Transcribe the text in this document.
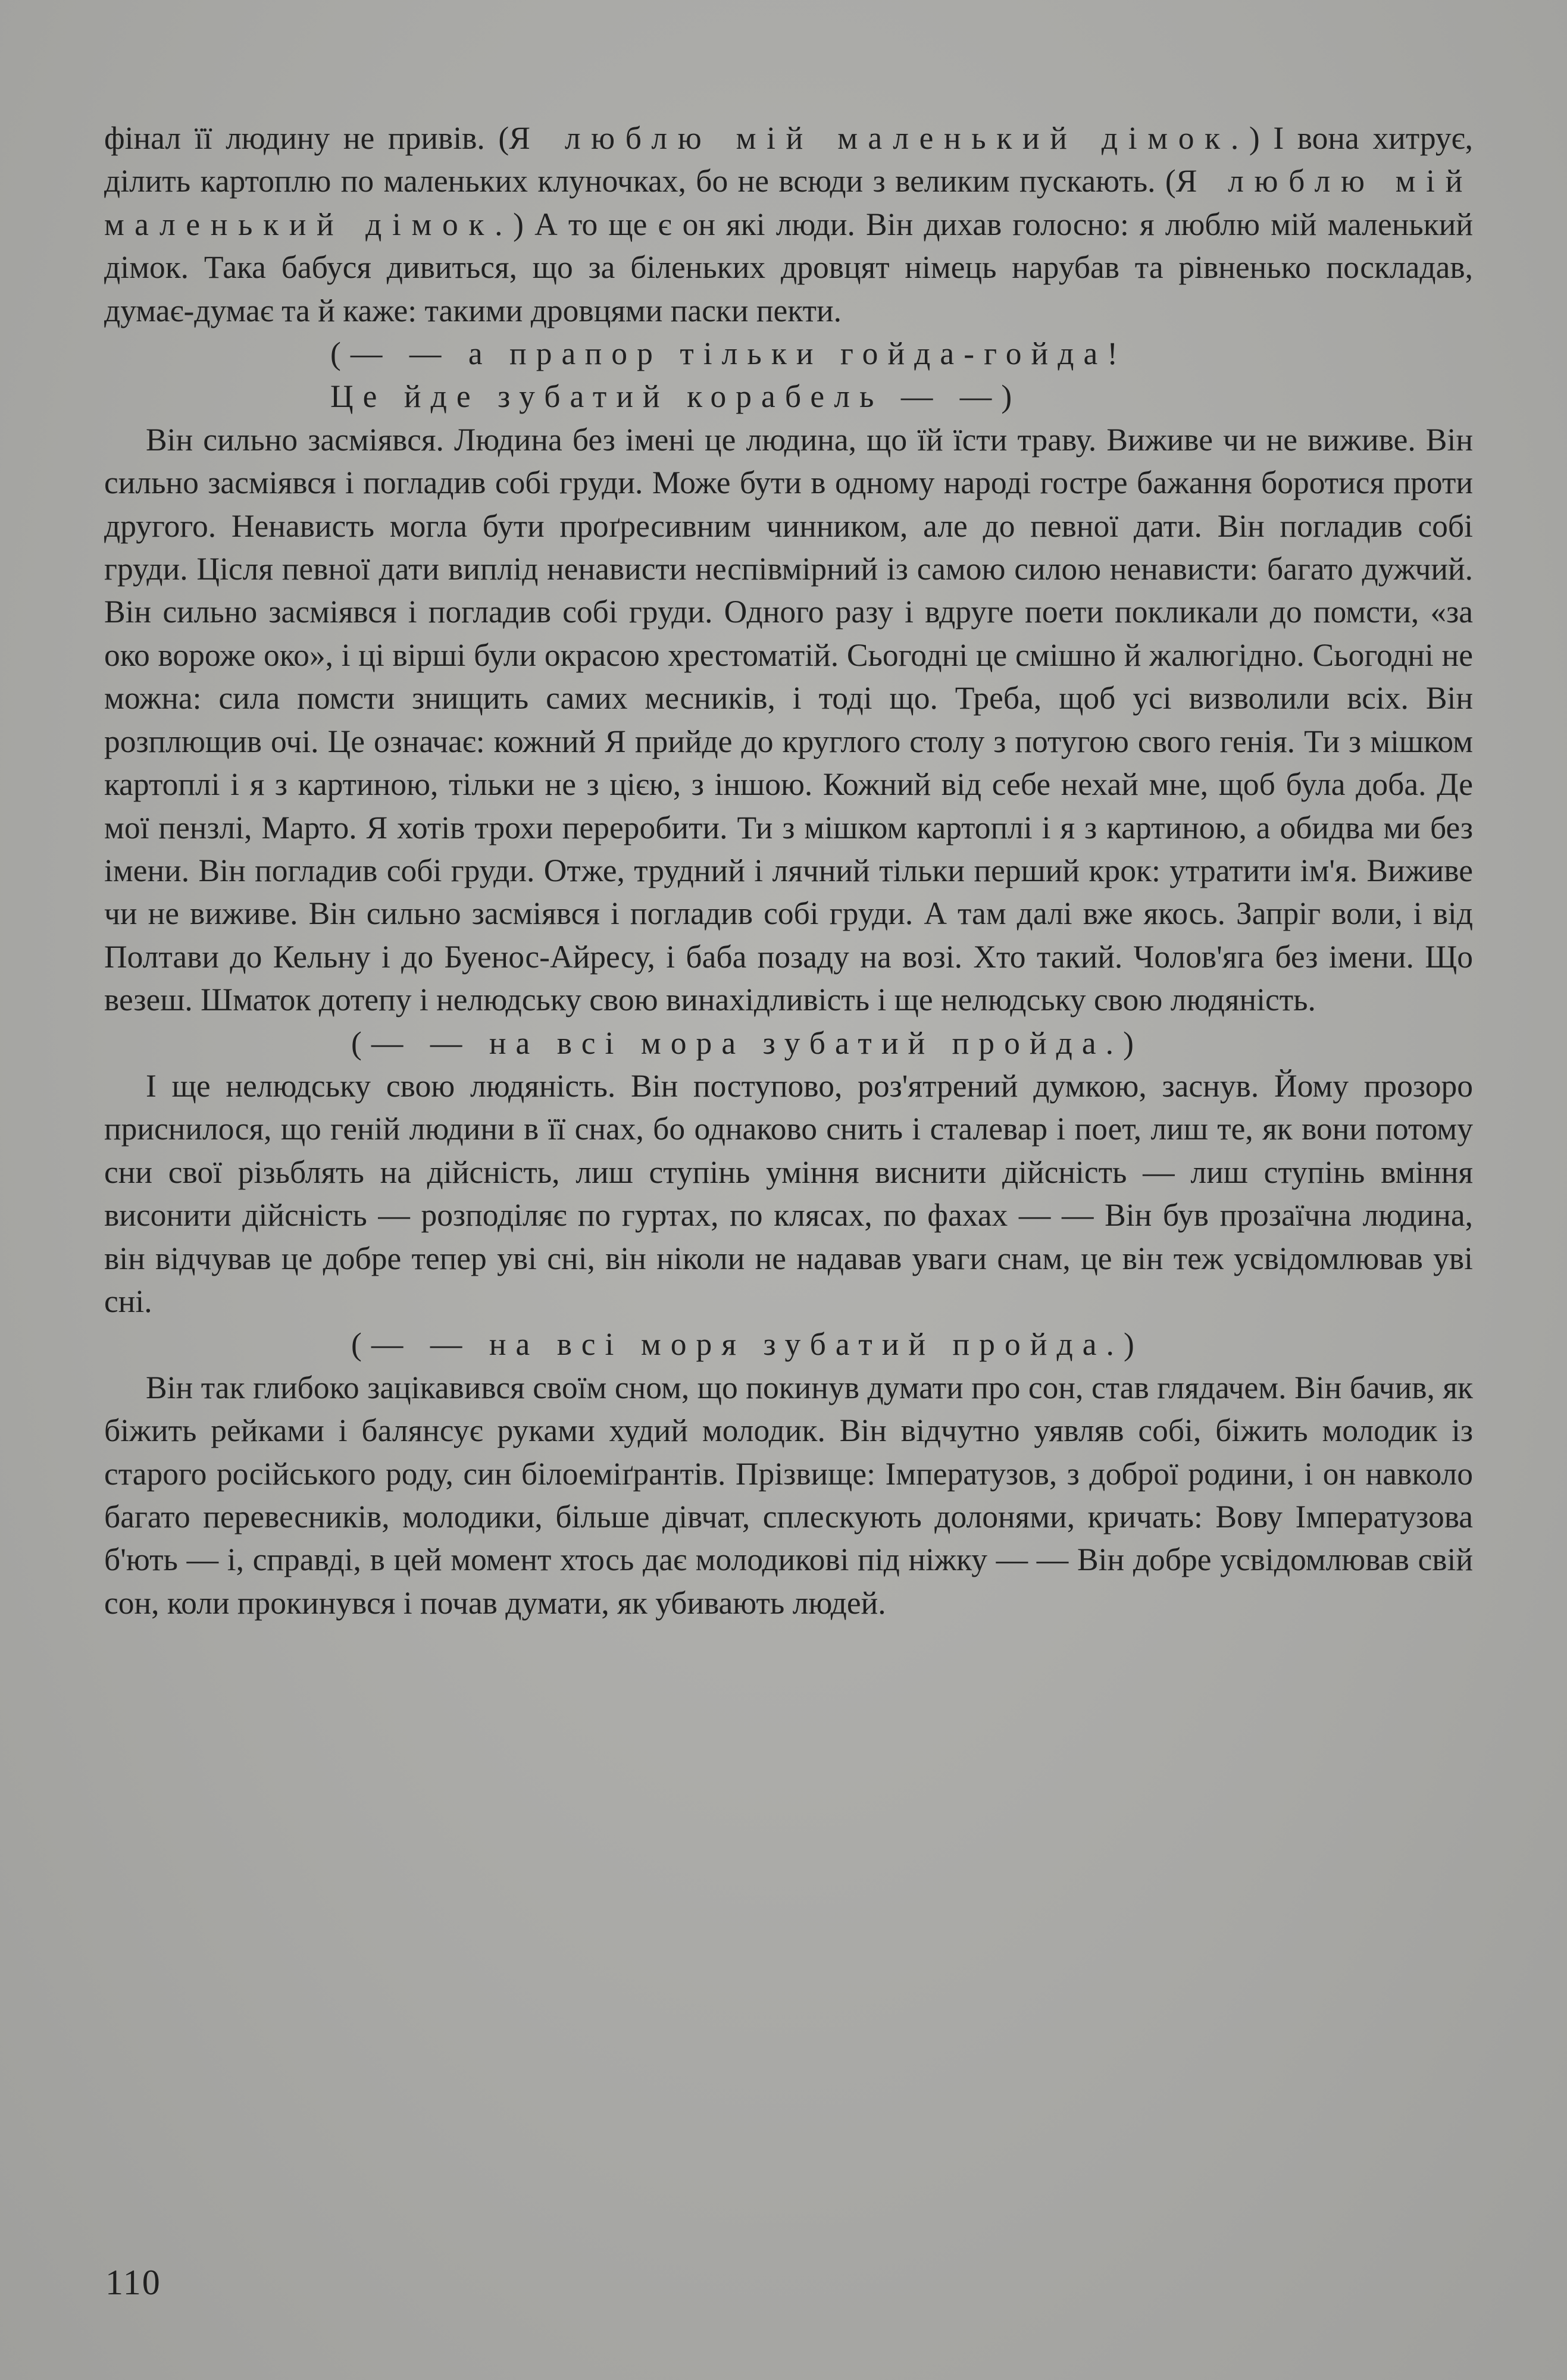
фінал її людину не привів. (Я люблю мій маленький дімок.) І вона хитрує, ділить картоплю по маленьких клуночках, бо не всюди з великим пускають. (Я люблю мій маленький дімок.) А то ще є он які люди. Він дихав голосно: я люблю мій маленький дімок. Така бабуся дивиться, що за біленьких дровцят німець нарубав та рівненько поскладав, думає-думає та й каже: такими дровцями паски пекти.

(— — а прапор тільки гойда-гойда!

Це йде зубатий корабель — —)

Він сильно засміявся. Людина без імені це людина, що їй їсти траву. Виживе чи не виживе. Він сильно засміявся і погладив собі груди. Може бути в одному народі гостре бажання боротися проти другого. Ненависть могла бути проґресивним чинником, але до певної дати. Він погладив собі груди. Цісля певної дати виплід ненависти неспівмірний із самою силою ненависти: багато дужчий. Він сильно засміявся і погладив собі груди. Одного разу і вдруге поети покликали до помсти, «за око вороже око», і ці вірші були окрасою хрестоматій. Сьогодні це смішно й жалюгідно. Сьогодні не можна: сила помсти знищить самих месників, і тоді що. Треба, щоб усі визволили всіх. Він розплющив очі. Це означає: кожний Я прийде до круглого столу з потугою свого генія. Ти з мішком картоплі і я з картиною, тільки не з цією, з іншою. Кожний від себе нехай мне, щоб була доба. Де мої пензлі, Марто. Я хотів трохи переробити. Ти з мішком картоплі і я з картиною, а обидва ми без імени. Він погладив собі груди. Отже, трудний і лячний тільки перший крок: утратити ім'я. Виживе чи не виживе. Він сильно засміявся і погладив собі груди. А там далі вже якось. Запріг воли, і від Полтави до Кельну і до Буенос-Айресу, і баба позаду на возі. Хто такий. Чолов'яга без імени. Що везеш. Шматок дотепу і нелюдську свою винахідливість і ще нелюдську свою людяність.

(— — на всі мора зубатий пройда.)

І ще нелюдську свою людяність. Він поступово, роз'ятрений думкою, заснув. Йому прозоро приснилося, що геній людини в її снах, бо однаково снить і сталевар і поет, лиш те, як вони потому сни свої різьблять на дійсність, лиш ступінь уміння виснити дійсність — лиш ступінь вміння висонити дійсність — розподіляє по гуртах, по клясах, по фахах — — Він був прозаїчна людина, він відчував це добре тепер уві сні, він ніколи не надавав уваги снам, це він теж усвідомлював уві сні.

(— — на всі моря зубатий пройда.)

Він так глибоко зацікавився своїм сном, що покинув думати про сон, став глядачем. Він бачив, як біжить рейками і балянсує руками худий молодик. Він відчутно уявляв собі, біжить молодик із старого російського роду, син білоеміґрантів. Прізвище: Імператузов, з доброї родини, і он навколо багато перевесників, молодики, більше дівчат, сплескують долонями, кричать: Вову Імператузова б'ють — і, справді, в цей момент хтось дає молодикові під ніжку — — Він добре усвідомлював свій сон, коли прокинувся і почав думати, як убивають людей.

110
